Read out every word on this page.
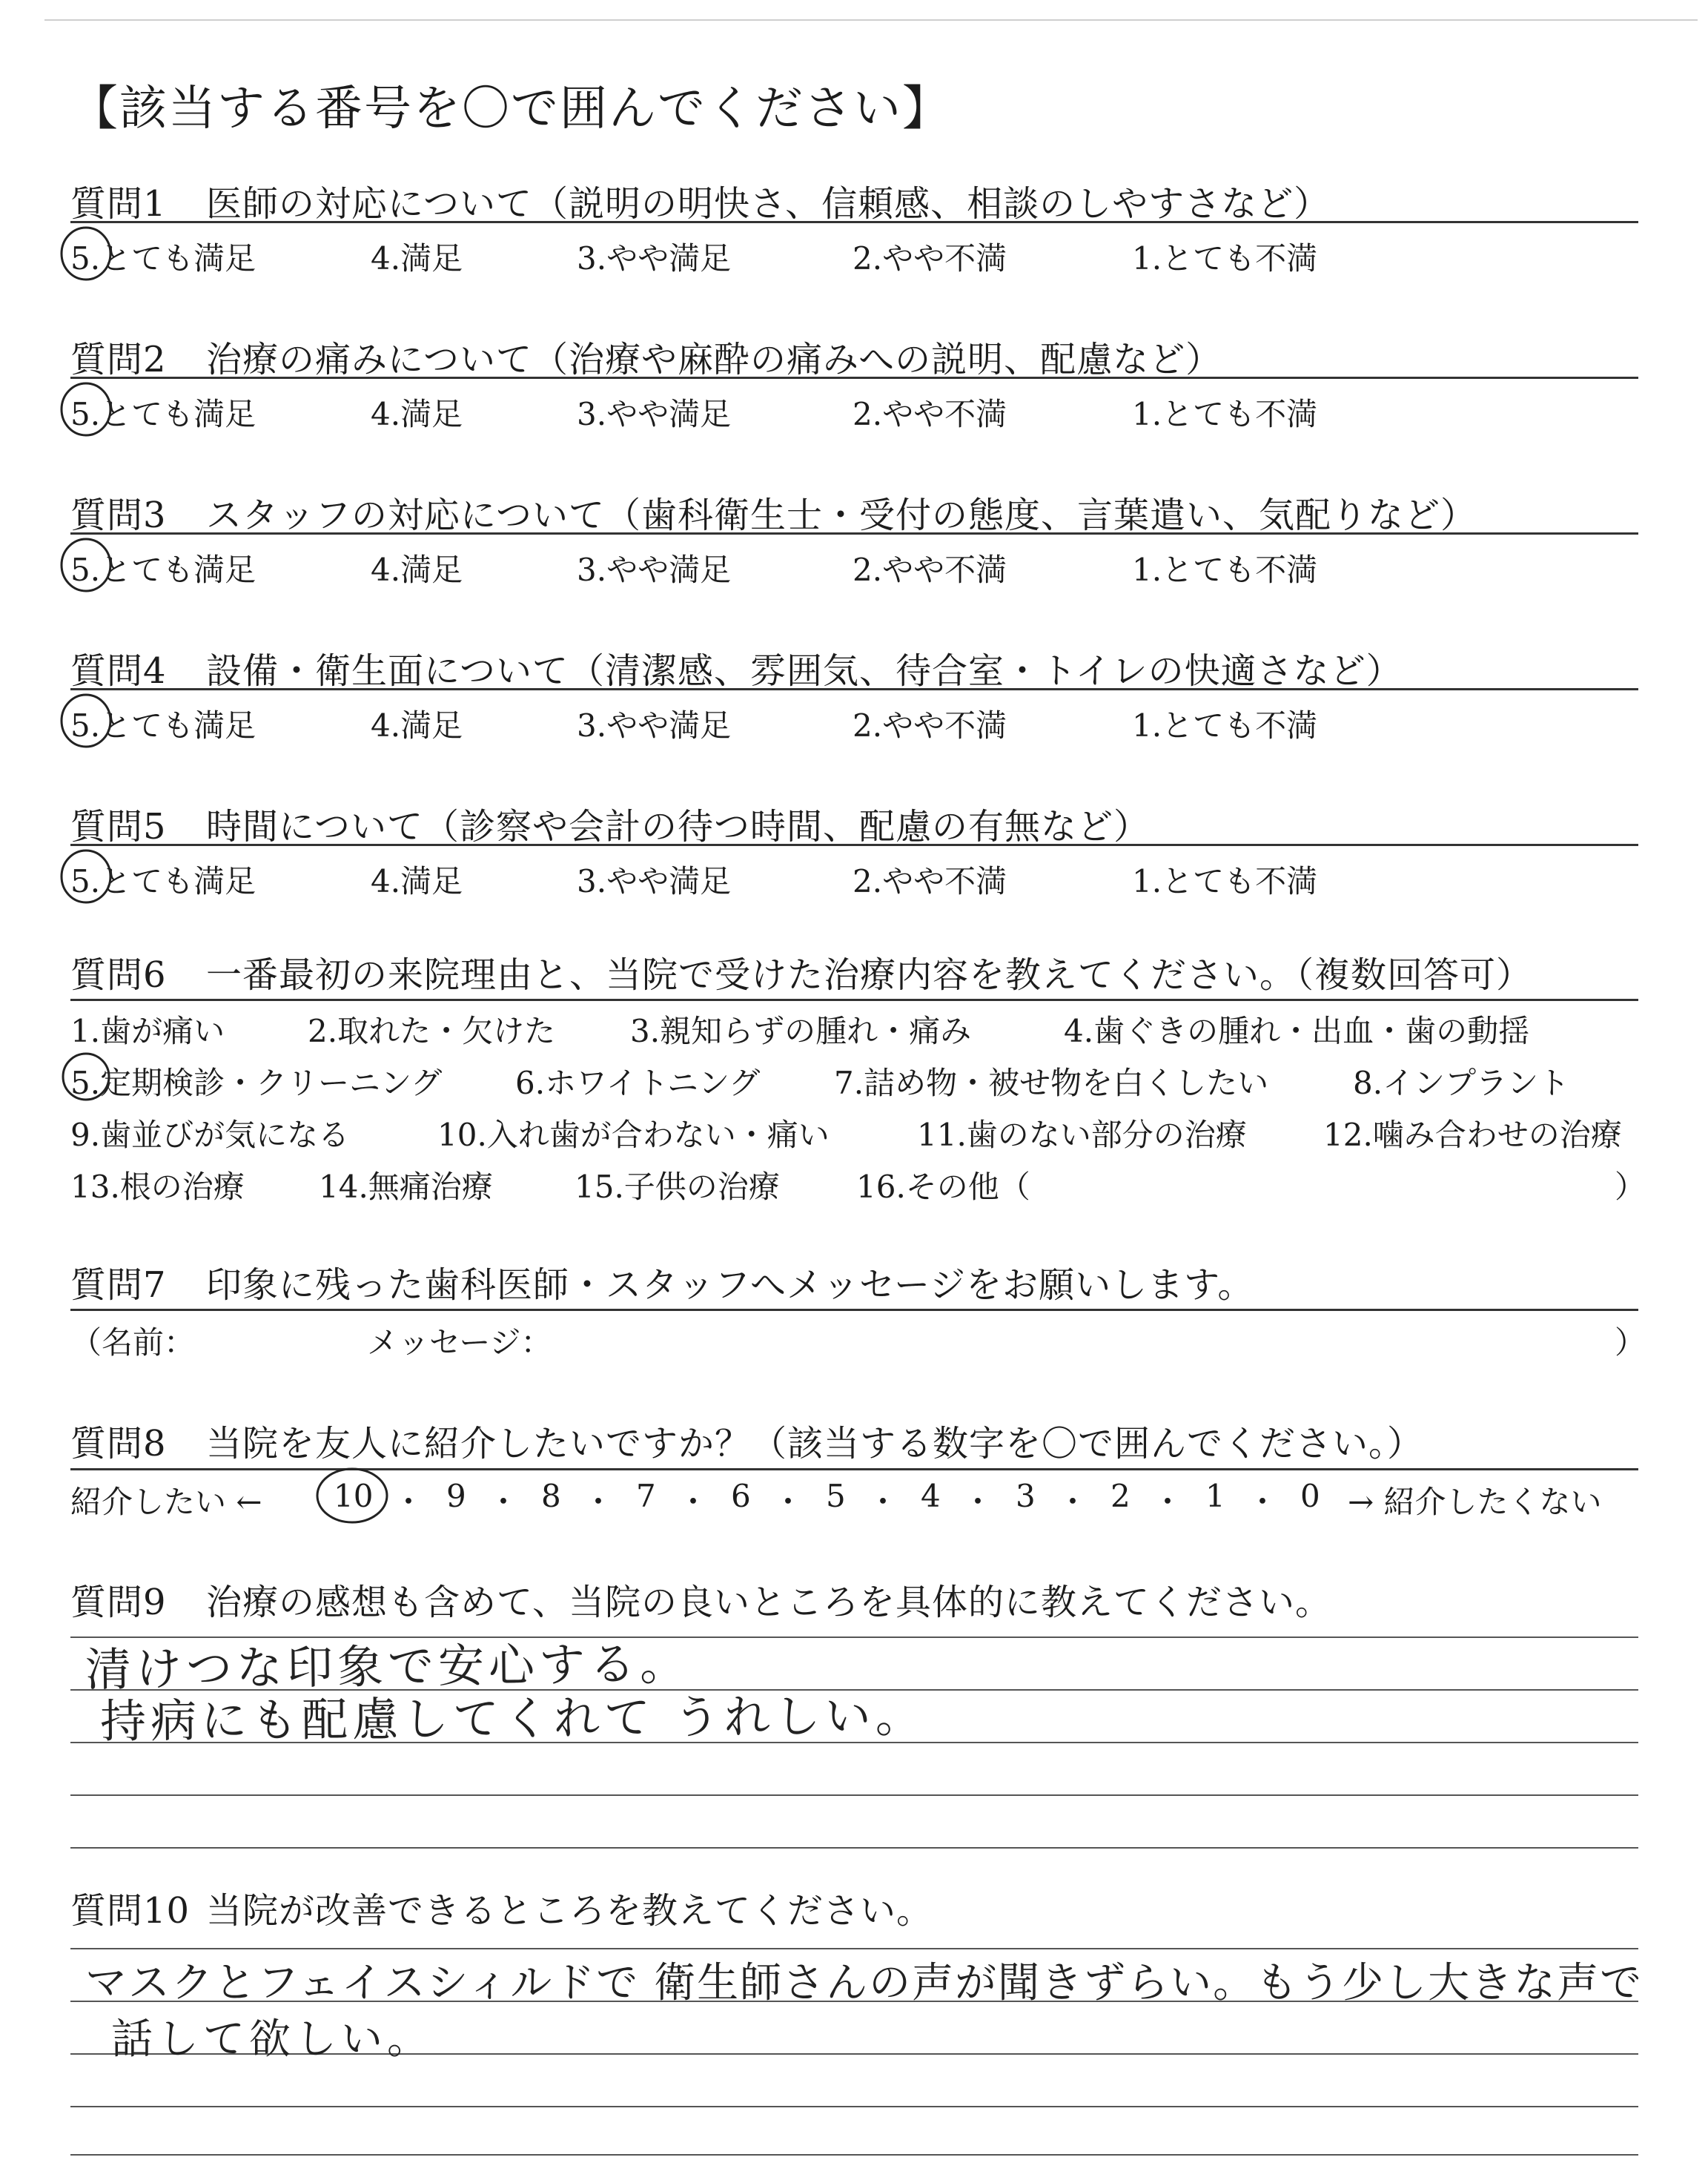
【該当する番号を〇で囲んでください】
質問1 医師の対応について（説明の明快さ、信頼感、相談のしやすさなど）
5.とても満足	4.満足	3.やや満足	2.やや不満	1.とても不満
質問2 治療の痛みについて（治療や麻酔の痛みへの説明、配慮など）
5.とても満足	4.満足	3.やや満足	2.やや不満	1.とても不満
質問3 スタッフの対応について（歯科衛生士・受付の態度、言葉遣い、気配りなど）
5.とても満足	4.満足	3.やや満足	2.やや不満	1.とても不満
質問4 設備・衛生面について（清潔感、雰囲気、待合室・トイレの快適さなど）
5.とても満足	4.満足	3.やや満足	2.やや不満	1.とても不満
質問5 時間について（診察や会計の待つ時間、配慮の有無など）
5.とても満足	4.満足	3.やや満足	2.やや不満	1.とても不満
質問6 一番最初の来院理由と、当院で受けた治療内容を教えてください。（複数回答可）
1.歯が痛い	2.取れた・欠けた 3.親知らずの腫れ・痛み	4.歯ぐきの腫れ・出血・歯の動揺
5.定期検診・クリーニング 6.ホワイトニング 7.詰め物・被せ物を白くしたい	8.インプラント
9.歯並びが気になる	10.入れ歯が合わない・痛い	11.歯のない部分の治療 12.噛み合わせの治療
13.根の治療 14.無痛治療	15.子供の治療 16.その他（	）
質問7 印象に残った歯科医師・スタッフへメッセージをお願いします。
（名前：	メッセージ：	）
質問8 当院を友人に紹介したいですか？（該当する数字を〇で囲んでください。）
紹介したい ← 10 ・ 9 ・ 8 ・ 7 ・ 6 ・ 5 ・ 4 ・ 3 ・ 2 ・ 1 ・ 0 → 紹介したくない
質問9 治療の感想も含めて、当院の良いところを具体的に教えてください。
清けつな印象で安心する。
持病にも配慮してくれて うれしい。
質問10 当院が改善できるところを教えてください。
マスクとフェイスシィルドで 衛生師さんの声が聞きずらい。もう少し大きな声で
話して欲しい。
